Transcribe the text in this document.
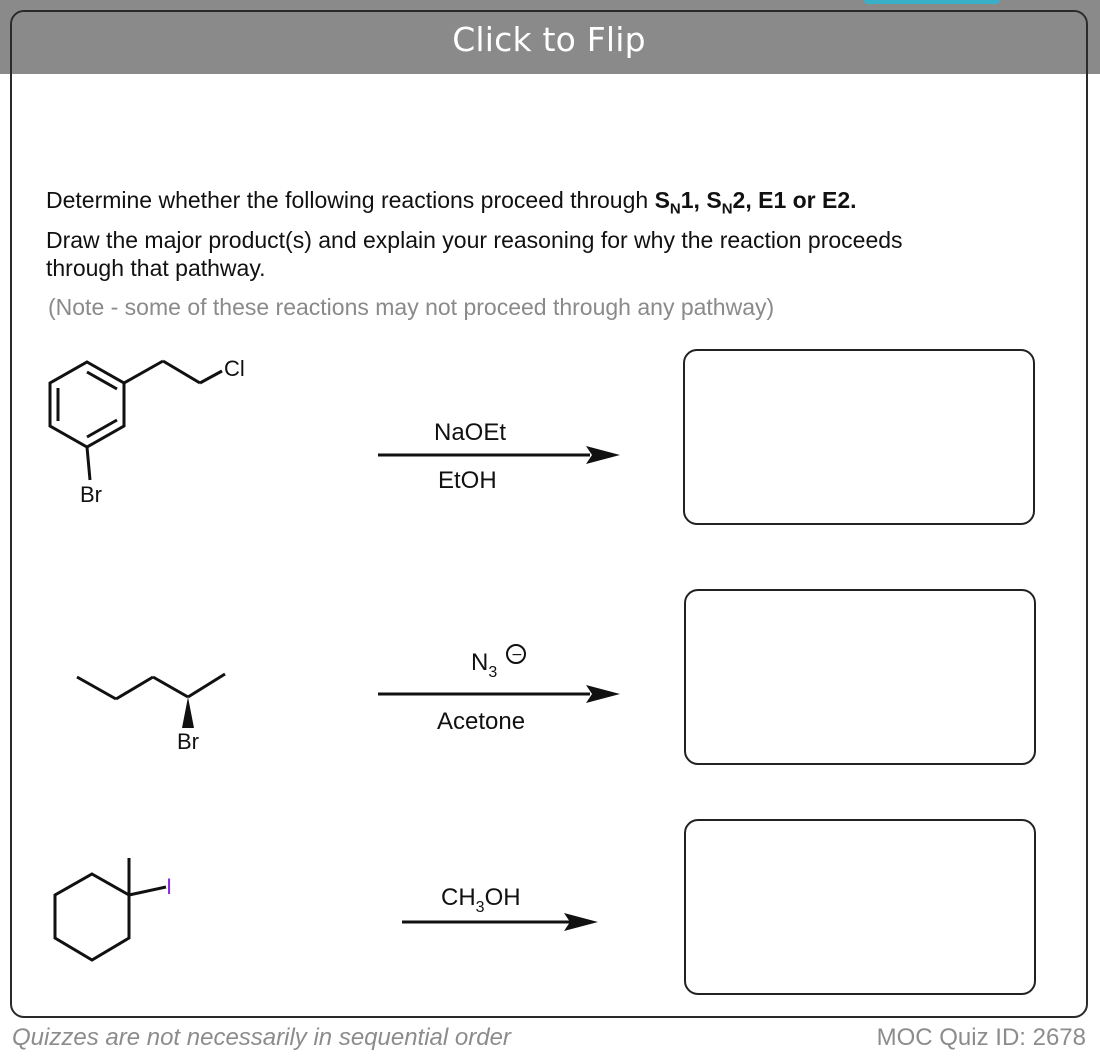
Click to Flip
Determine whether the following reactions proceed through $S_N1$, $S_N2$, E1 or E2.
Draw the major product(s) and explain your reasoning for why the reaction proceeds
through that pathway.
(Note - some of these reactions may not proceed through any pathway)
Cl
Br
NaOEt
EtOH
Br
$N_3$
−
Acetone
I	$CH_3OH$
Quizzes are not necessarily in sequential order	MOC Quiz ID: 2678
